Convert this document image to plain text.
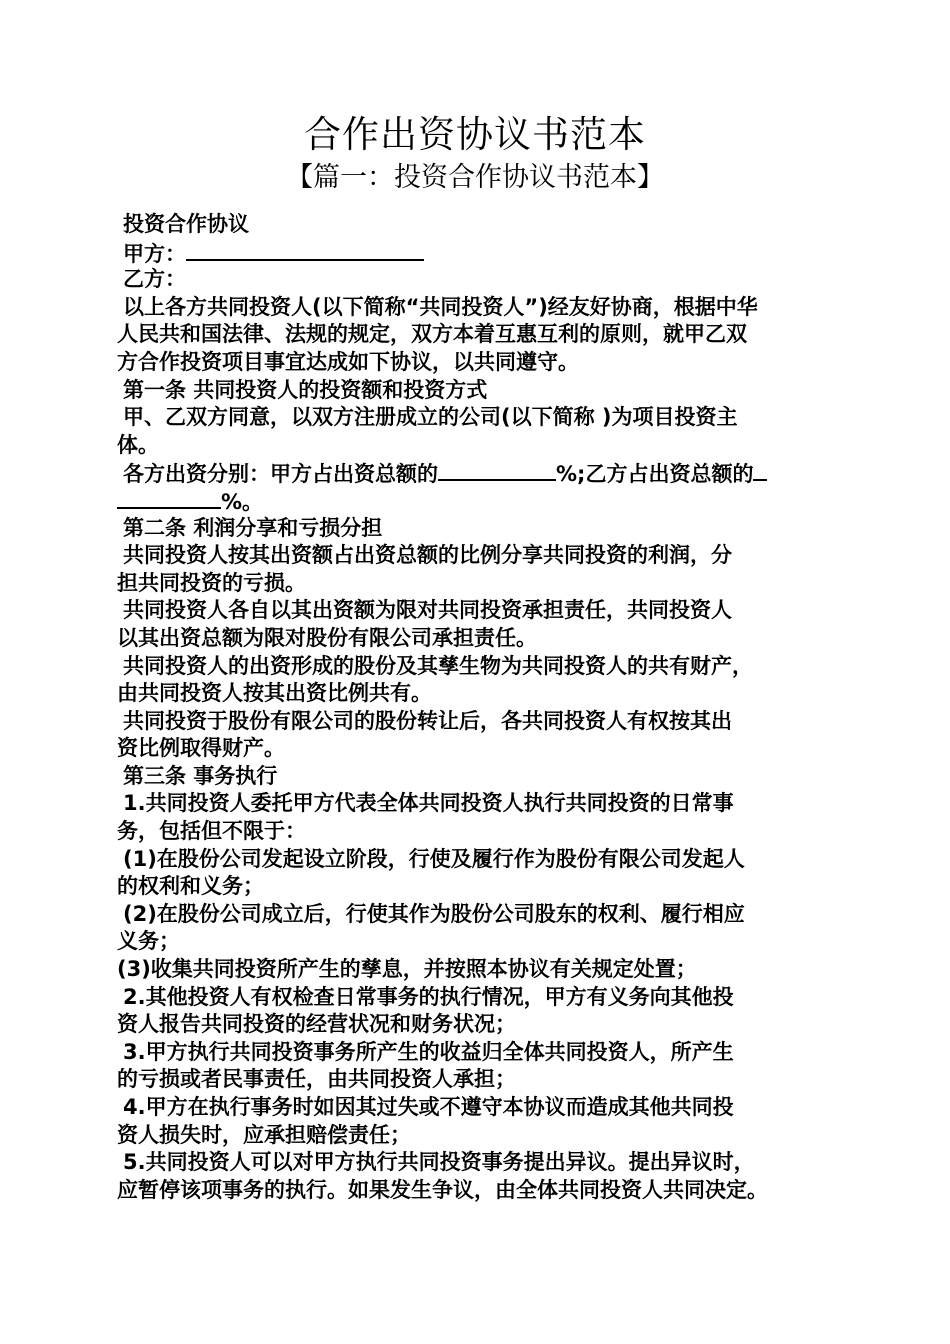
合作出资协议书范本
【篇一：投资合作协议书范本】
投资合作协议
甲方：
乙方：
以上各方共同投资人(以下简称“共同投资人”)经友好协商，根据中华
人民共和国法律、法规的规定，双方本着互惠互利的原则，就甲乙双
方合作投资项目事宜达成如下协议，以共同遵守。
第一条 共同投资人的投资额和投资方式
甲、乙双方同意，以双方注册成立的公司(以下简称 )为项目投资主
体。
各方出资分别：甲方占出资总额的	%;乙方占出资总额的
%。
第二条 利润分享和亏损分担
共同投资人按其出资额占出资总额的比例分享共同投资的利润，分
担共同投资的亏损。
共同投资人各自以其出资额为限对共同投资承担责任，共同投资人
以其出资总额为限对股份有限公司承担责任。
共同投资人的出资形成的股份及其孳生物为共同投资人的共有财产，
由共同投资人按其出资比例共有。
共同投资于股份有限公司的股份转让后，各共同投资人有权按其出
资比例取得财产。
第三条 事务执行
1.共同投资人委托甲方代表全体共同投资人执行共同投资的日常事
务，包括但不限于：
(1)在股份公司发起设立阶段，行使及履行作为股份有限公司发起人
的权利和义务；
(2)在股份公司成立后，行使其作为股份公司股东的权利、履行相应
义务；
(3)收集共同投资所产生的孳息，并按照本协议有关规定处置；
2.其他投资人有权检查日常事务的执行情况，甲方有义务向其他投
资人报告共同投资的经营状况和财务状况；
3.甲方执行共同投资事务所产生的收益归全体共同投资人，所产生
的亏损或者民事责任，由共同投资人承担；
4.甲方在执行事务时如因其过失或不遵守本协议而造成其他共同投
资人损失时，应承担赔偿责任；
5.共同投资人可以对甲方执行共同投资事务提出异议。提出异议时，
应暂停该项事务的执行。如果发生争议，由全体共同投资人共同决定。
